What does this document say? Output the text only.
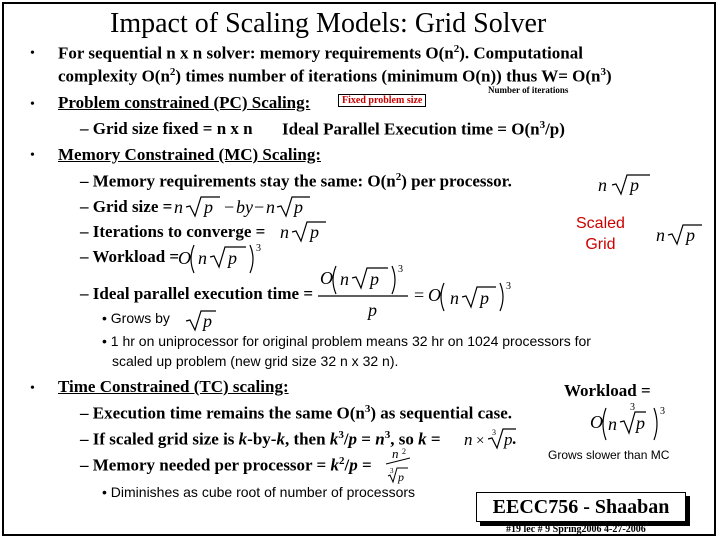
Impact of Scaling Models: Grid Solver
• For sequential n x n solver: memory requirements $O(n^2)$. Computational
complexity $O(n^2)$ times number of iterations (minimum O(n)) thus $W= O(n^3)$
Number of iterations
• Problem constrained (PC) Scaling:	Fixed problem size
– Grid size fixed = n x n Ideal Parallel Execution time = $O(n^3/p)$
• Memory Constrained (MC) Scaling:
– Memory requirements stay the same: $O(n^2)$ per processor.	n p
– Grid size = n p − by − n p
– Iterations to converge = n p	Scaled
Grid	n p
– Workload =
O n p 3
– Ideal parallel execution time =
O n p 3
p
= O n p
3
• Grows by p
• 1 hr on uniprocessor for original problem means 32 hr on 1024 processors for
scaled up problem (new grid size 32 n x 32 n).
• Time Constrained (TC) scaling:	Workload =
– Execution time remains the same $O(n^3)$ as sequential case.	O n
3
p
3
– If scaled grid size is k-by-k, then $k^3/p = n^3$, so k = n ×
3 p .
Grows slower than MC
– Memory needed per processor = $k^2/p$ =
n 2
3 p
• Diminishes as cube root of number of processors
EECC756 - Shaaban
#19 lec # 9 Spring2006 4-27-2006
